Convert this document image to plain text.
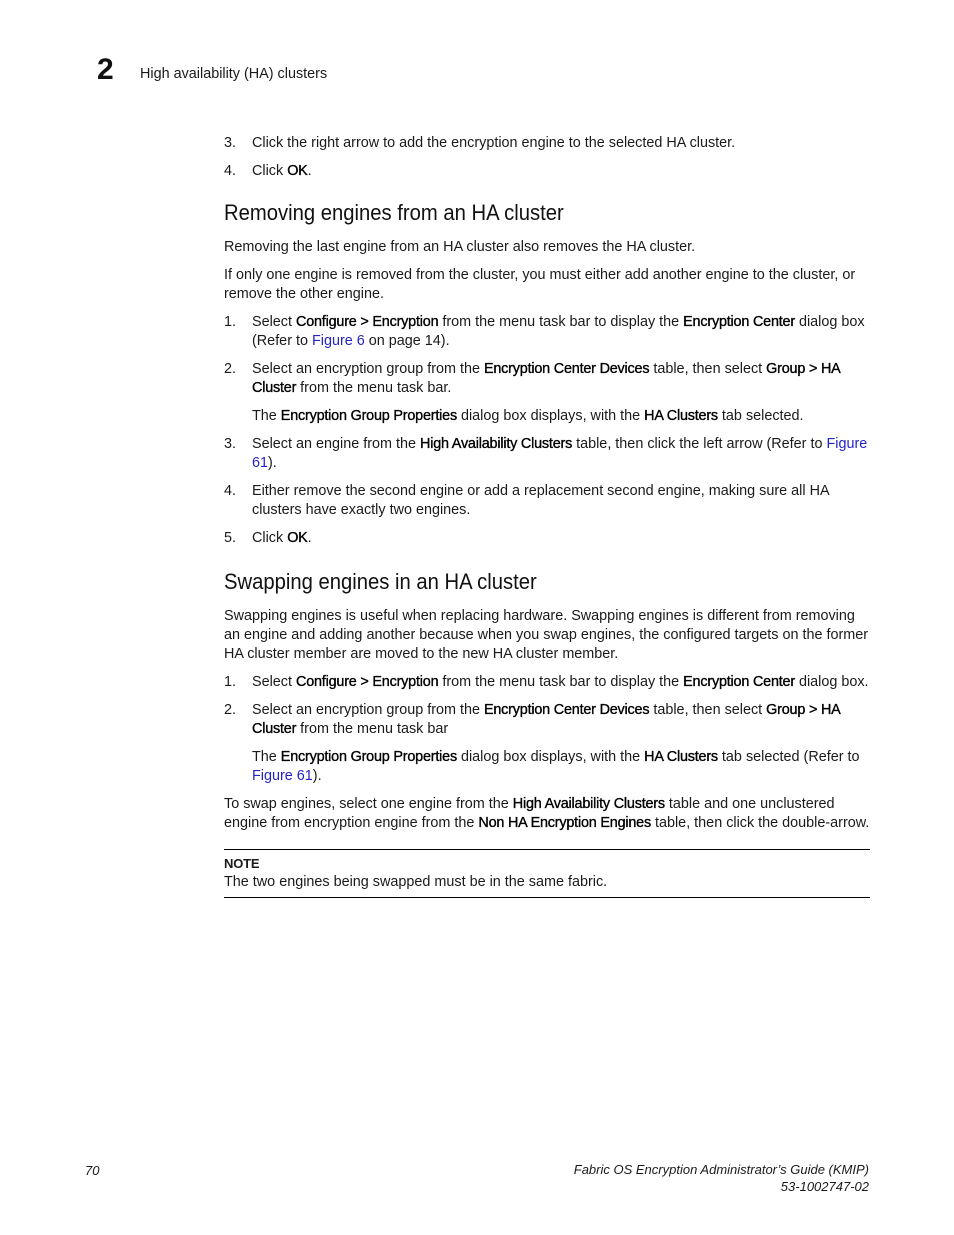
2 High availability (HA) clusters
3.	Click the right arrow to add the encryption engine to the selected HA cluster.
4.	Click OK.
Removing engines from an HA cluster

Removing the last engine from an HA cluster also removes the HA cluster.

If only one engine is removed from the cluster, you must either add another engine to the cluster, or remove the other engine.

1.	Select Configure > Encryption from the menu task bar to display the Encryption Center dialog box (Refer to Figure 6 on page 14).
2.	Select an encryption group from the Encryption Center Devices table, then select Group > HA Cluster from the menu task bar.

The Encryption Group Properties dialog box displays, with the HA Clusters tab selected.

3.	Select an engine from the High Availability Clusters table, then click the left arrow (Refer to Figure 61).
4.	Either remove the second engine or add a replacement second engine, making sure all HA clusters have exactly two engines.
5.	Click OK.
Swapping engines in an HA cluster

Swapping engines is useful when replacing hardware. Swapping engines is different from removing an engine and adding another because when you swap engines, the configured targets on the former HA cluster member are moved to the new HA cluster member.

1.	Select Configure > Encryption from the menu task bar to display the Encryption Center dialog box.
2.	Select an encryption group from the Encryption Center Devices table, then select Group > HA Cluster from the menu task bar

The Encryption Group Properties dialog box displays, with the HA Clusters tab selected (Refer to Figure 61).

To swap engines, select one engine from the High Availability Clusters table and one unclustered engine from encryption engine from the Non HA Encryption Engines table, then click the double-arrow.

NOTE
The two engines being swapped must be in the same fabric.
70	Fabric OS Encryption Administrator’s Guide (KMIP)
53-1002747-02
